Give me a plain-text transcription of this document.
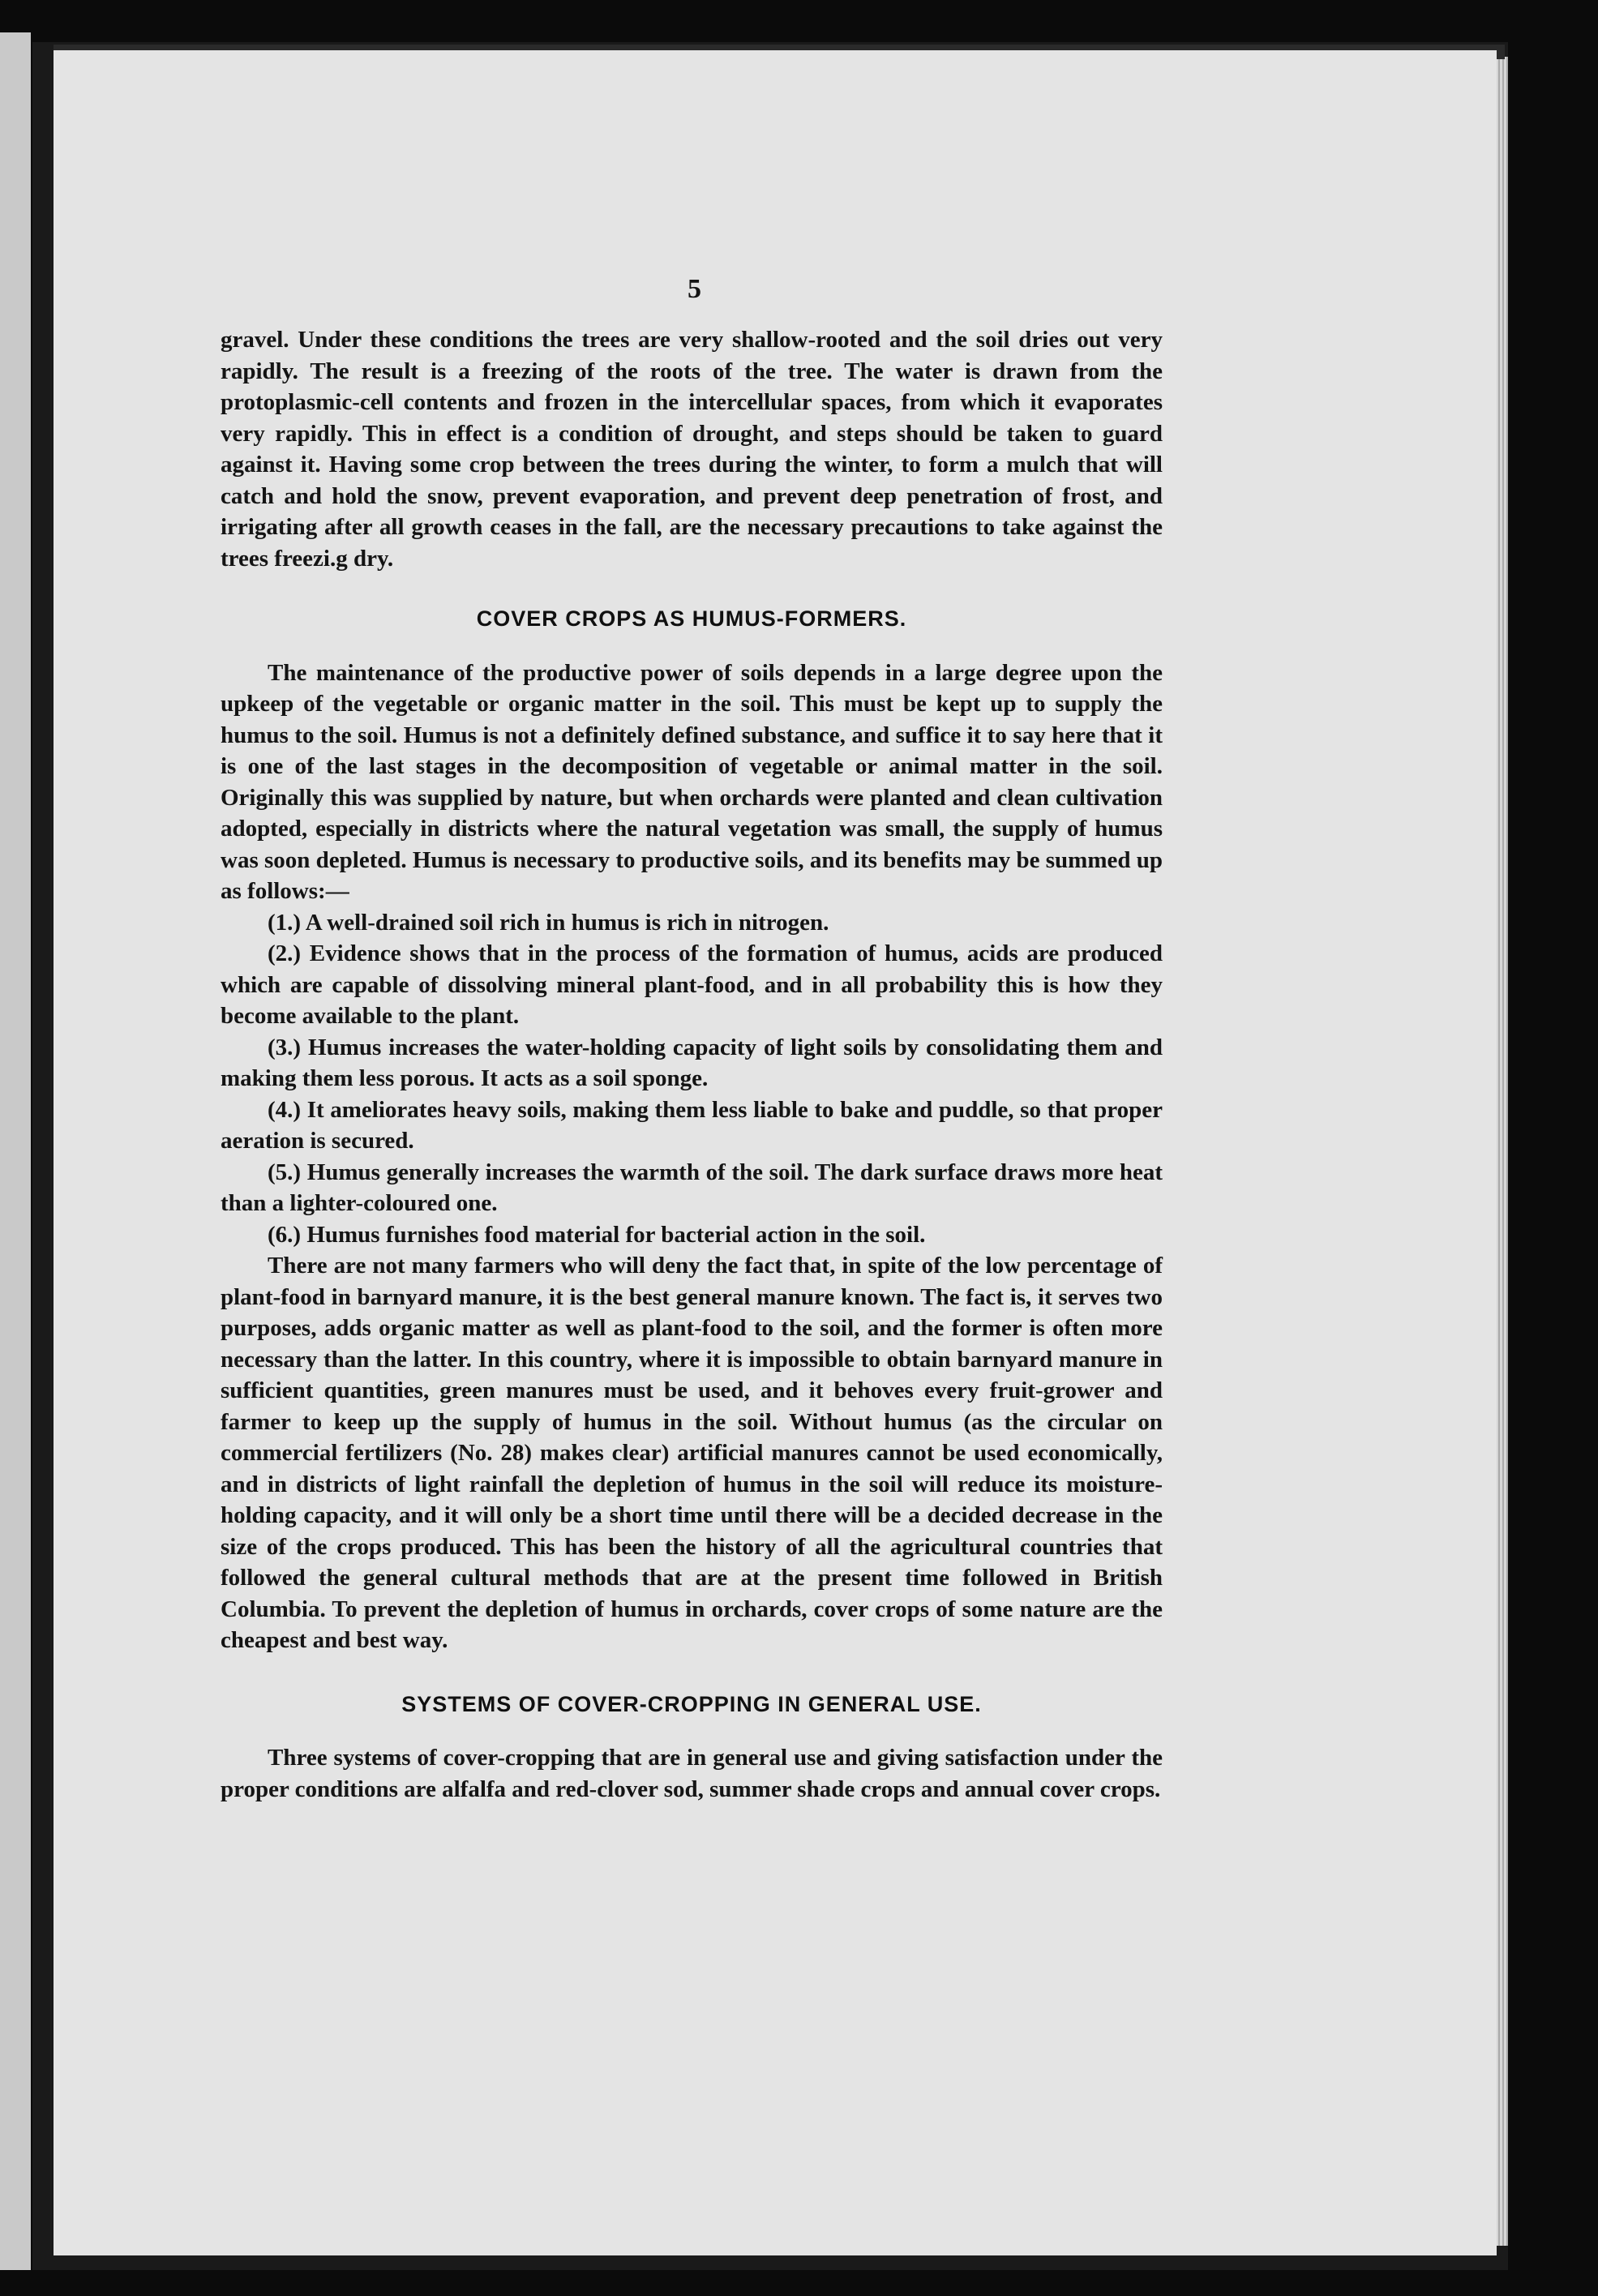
5

gravel. Under these conditions the trees are very shallow-rooted and the soil dries out very rapidly. The result is a freezing of the roots of the tree. The water is drawn from the protoplasmic-cell contents and frozen in the intercellular spaces, from which it evaporates very rapidly. This in effect is a condition of drought, and steps should be taken to guard against it. Having some crop between the trees during the winter, to form a mulch that will catch and hold the snow, prevent evaporation, and prevent deep penetration of frost, and irrigating after all growth ceases in the fall, are the necessary precautions to take against the trees freezi.g dry.

COVER CROPS AS HUMUS-FORMERS.

The maintenance of the productive power of soils depends in a large degree upon the upkeep of the vegetable or organic matter in the soil. This must be kept up to supply the humus to the soil. Humus is not a definitely defined substance, and suffice it to say here that it is one of the last stages in the decomposition of vegetable or animal matter in the soil. Originally this was supplied by nature, but when orchards were planted and clean cultivation adopted, especially in districts where the natural vegetation was small, the supply of humus was soon depleted. Humus is necessary to productive soils, and its benefits may be summed up as follows:—

(1.) A well-drained soil rich in humus is rich in nitrogen.

(2.) Evidence shows that in the process of the formation of humus, acids are produced which are capable of dissolving mineral plant-food, and in all probability this is how they become available to the plant.

(3.) Humus increases the water-holding capacity of light soils by consolidating them and making them less porous. It acts as a soil sponge.

(4.) It ameliorates heavy soils, making them less liable to bake and puddle, so that proper aeration is secured.

(5.) Humus generally increases the warmth of the soil. The dark surface draws more heat than a lighter-coloured one.

(6.) Humus furnishes food material for bacterial action in the soil.

There are not many farmers who will deny the fact that, in spite of the low percentage of plant-food in barnyard manure, it is the best general manure known. The fact is, it serves two purposes, adds organic matter as well as plant-food to the soil, and the former is often more necessary than the latter. In this country, where it is impossible to obtain barnyard manure in sufficient quantities, green manures must be used, and it behoves every fruit-grower and farmer to keep up the supply of humus in the soil. Without humus (as the circular on commercial fertilizers (No. 28) makes clear) artificial manures cannot be used economically, and in districts of light rainfall the depletion of humus in the soil will reduce its moisture-holding capacity, and it will only be a short time until there will be a decided decrease in the size of the crops produced. This has been the history of all the agricultural countries that followed the general cultural methods that are at the present time followed in British Columbia. To prevent the depletion of humus in orchards, cover crops of some nature are the cheapest and best way.

SYSTEMS OF COVER-CROPPING IN GENERAL USE.

Three systems of cover-cropping that are in general use and giving satisfaction under the proper conditions are alfalfa and red-clover sod, summer shade crops and annual cover crops.
